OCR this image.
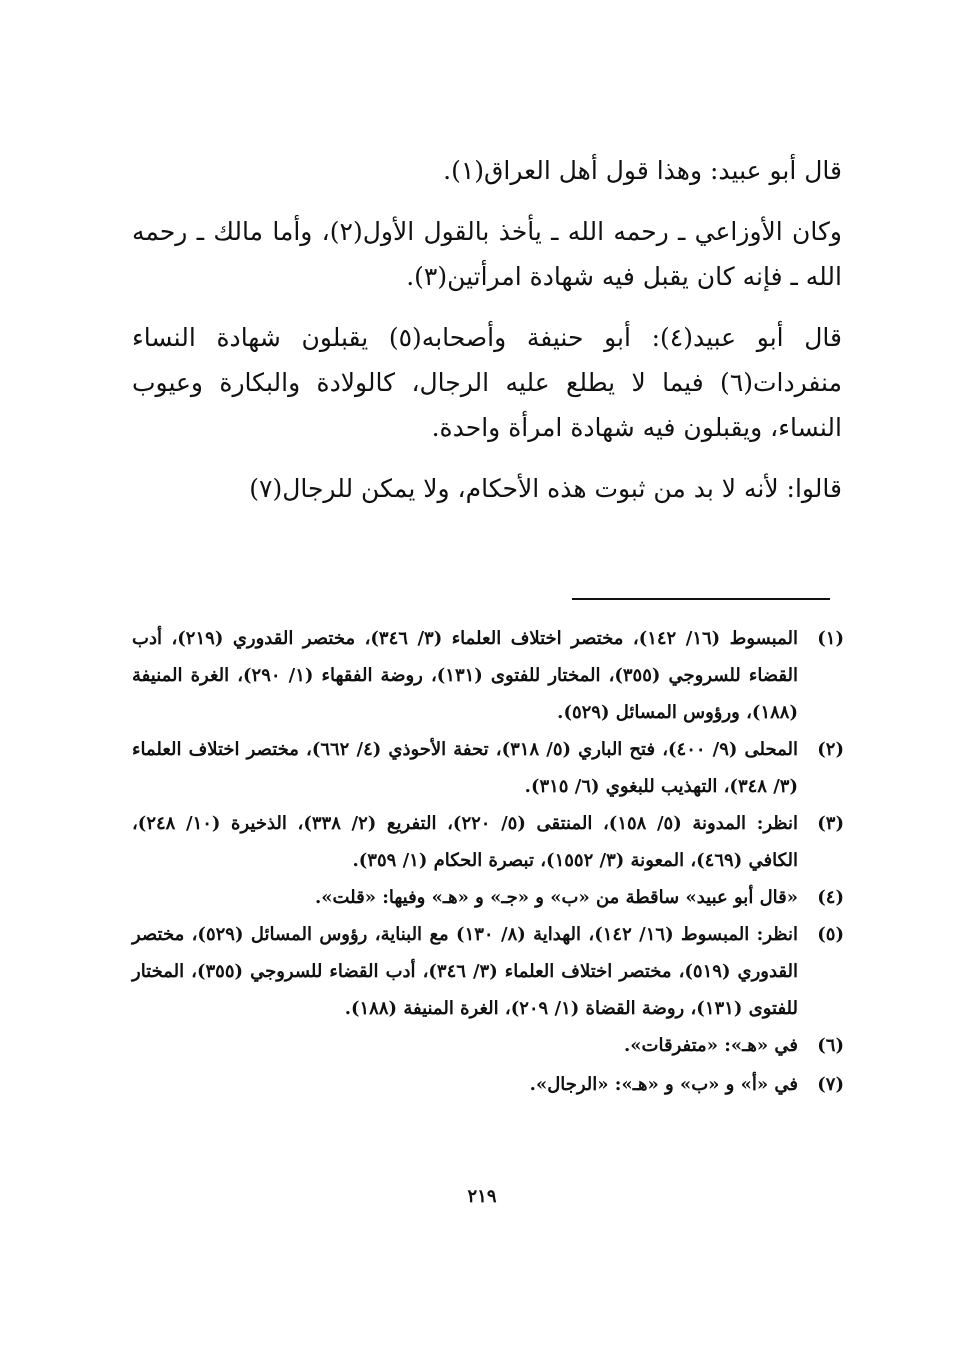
قال أبو عبيد: وهذا قول أهل العراق(١).

وكان الأوزاعي ـ رحمه الله ـ يأخذ بالقول الأول(٢)، وأما مالك ـ رحمه الله ـ فإنه كان يقبل فيه شهادة امرأتين(٣).

قال أبو عبيد(٤): أبو حنيفة وأصحابه(٥) يقبلون شهادة النساء منفردات(٦) فيما لا يطلع عليه الرجال، كالولادة والبكارة وعيوب النساء، ويقبلون فيه شهادة امرأة واحدة.

قالوا: لأنه لا بد من ثبوت هذه الأحكام، ولا يمكن للرجال(٧)

(١)
المبسوط (١٦/ ١٤٢)، مختصر اختلاف العلماء (٣/ ٣٤٦)، مختصر القدوري (٢١٩)، أدب القضاء للسروجي (٣٥٥)، المختار للفتوى (١٣١)، روضة الفقهاء (١/ ٢٩٠)، الغرة المنيفة (١٨٨)، ورؤوس المسائل (٥٢٩).
(٢)
المحلى (٩/ ٤٠٠)، فتح الباري (٥/ ٣١٨)، تحفة الأحوذي (٤/ ٦٦٢)، مختصر اختلاف العلماء (٣/ ٣٤٨)، التهذيب للبغوي (٦/ ٣١٥).
(٣)
انظر: المدونة (٥/ ١٥٨)، المنتقى (٥/ ٢٢٠)، التفريع (٢/ ٣٣٨)، الذخيرة (١٠/ ٢٤٨)، الكافي (٤٦٩)، المعونة (٣/ ١٥٥٢)، تبصرة الحكام (١/ ٣٥٩).
(٤)
«قال أبو عبيد» ساقطة من «ب» و «جـ» و «هـ» وفيها: «قلت».
(٥)
انظر: المبسوط (١٦/ ١٤٢)، الهداية (٨/ ١٣٠) مع البناية، رؤوس المسائل (٥٢٩)، مختصر القدوري (٥١٩)، مختصر اختلاف العلماء (٣/ ٣٤٦)، أدب القضاء للسروجي (٣٥٥)، المختار للفتوى (١٣١)، روضة القضاة (١/ ٢٠٩)، الغرة المنيفة (١٨٨).
(٦)
في «هـ»: «متفرقات».
(٧)
في «أ» و «ب» و «هـ»: «الرجال».
٢١٩
